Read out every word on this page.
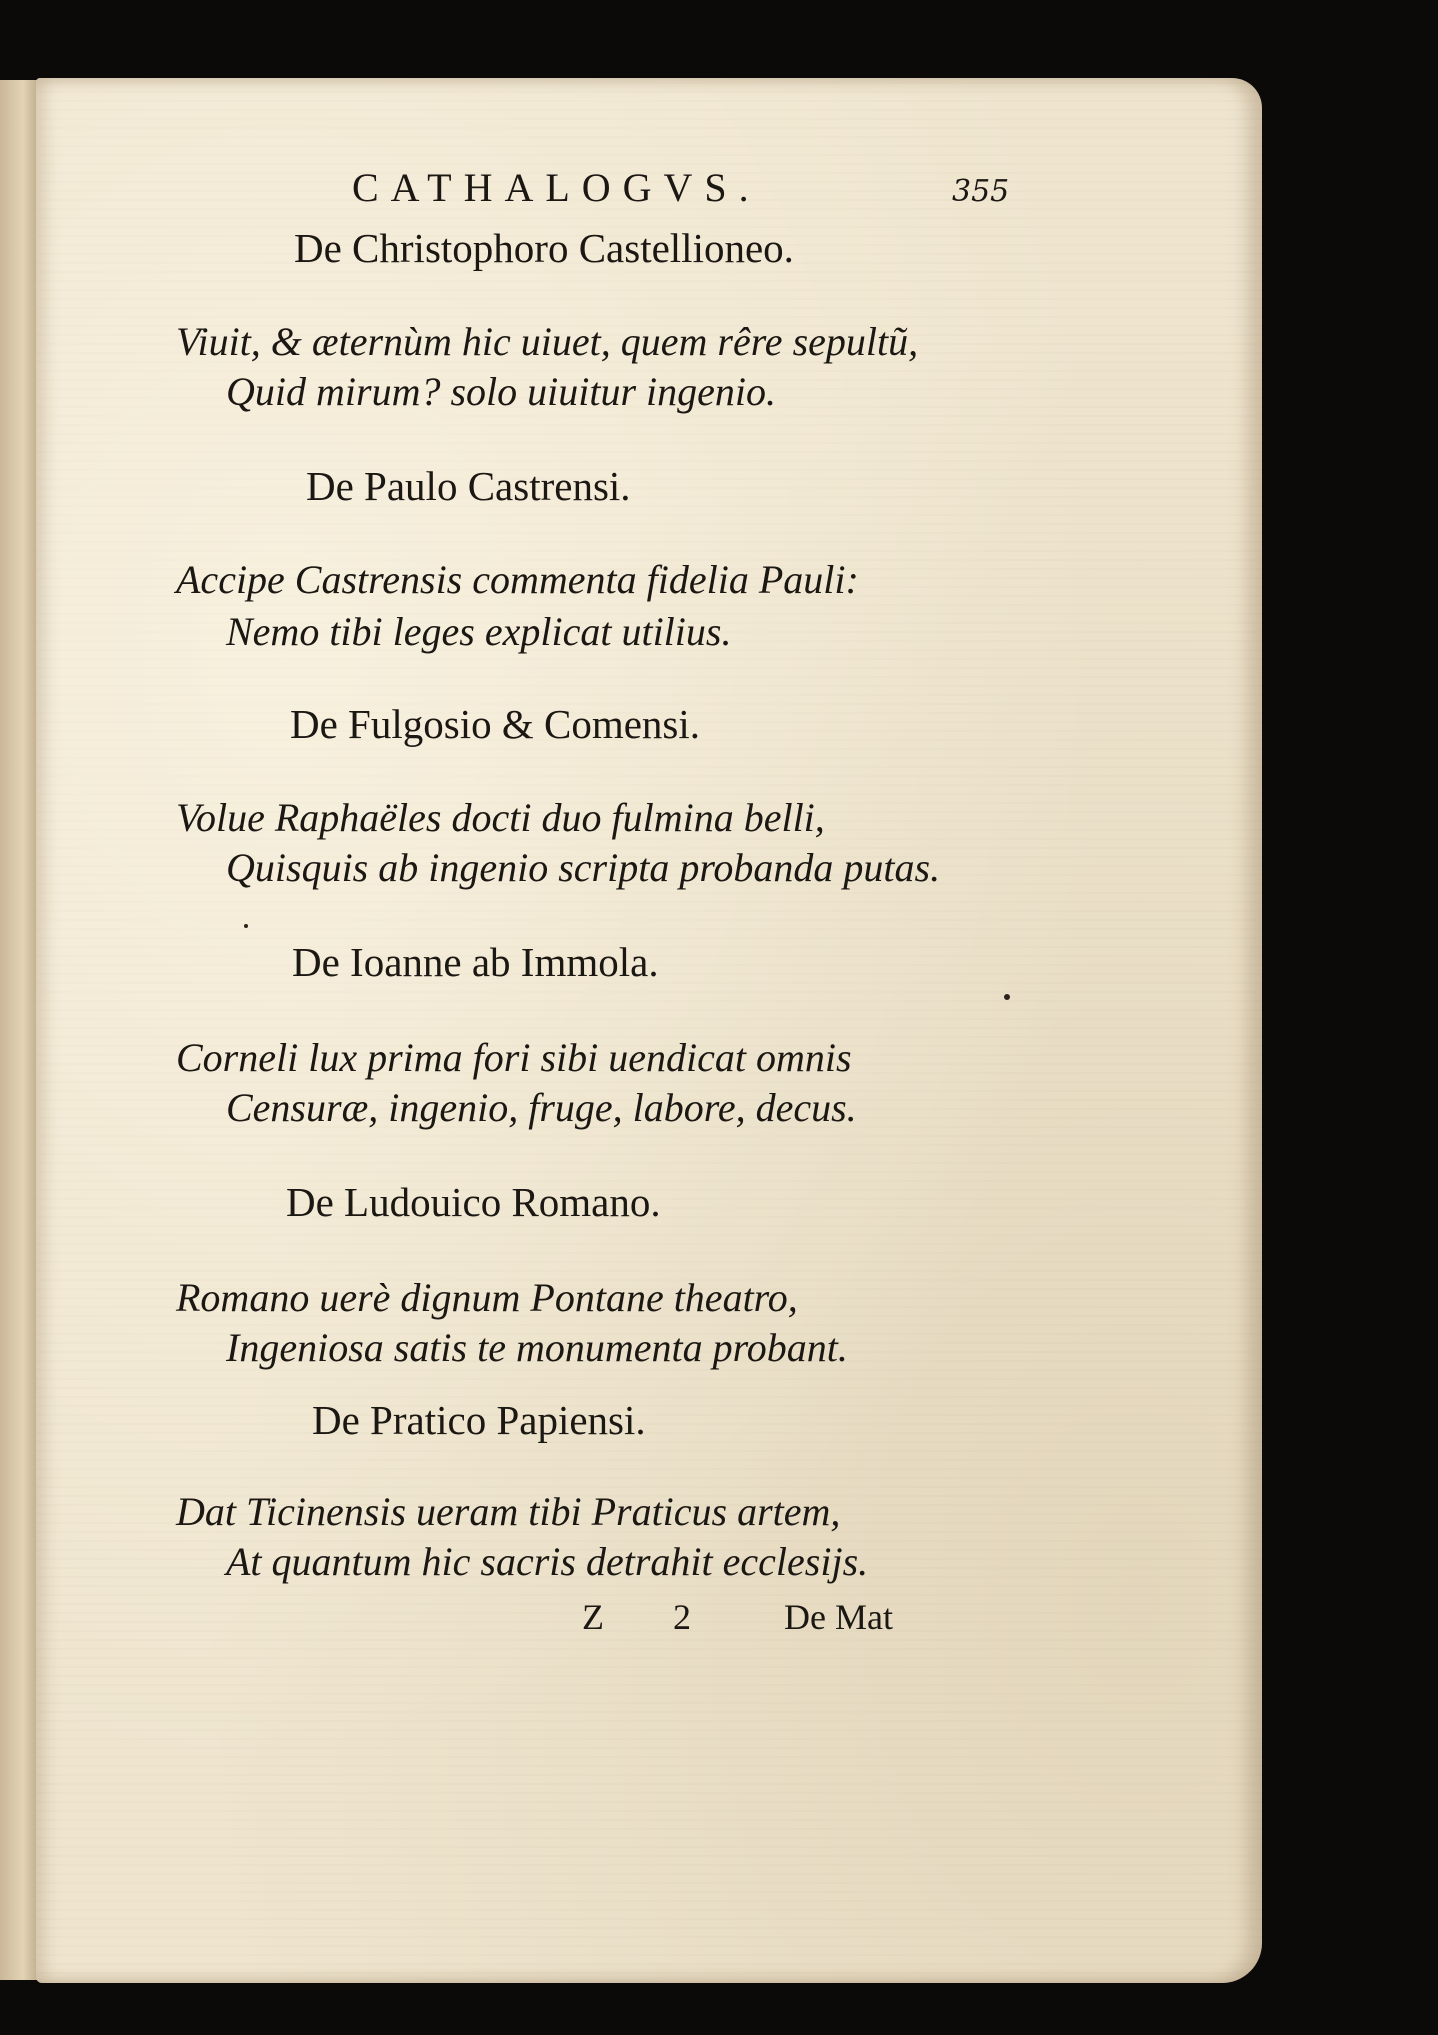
CATHALOGVS.	355

De Christophoro Castellioneo.

Viuit, & æternùm hic uiuet, quem rêre sepultũ,

Quid mirum? solo uiuitur ingenio.

De Paulo Castrensi.

Accipe Castrensis commenta fidelia Pauli:

Nemo tibi leges explicat utilius.

De Fulgosio & Comensi.

Volue Raphaëles docti duo fulmina belli,

Quisquis ab ingenio scripta probanda putas.

De Ioanne ab Immola.

Corneli lux prima fori sibi uendicat omnis

Censuræ, ingenio, fruge, labore, decus.

De Ludouico Romano.

Romano uerè dignum Pontane theatro,

Ingeniosa satis te monumenta probant.

De Pratico Papiensi.

Dat Ticinensis ueram tibi Praticus artem,

At quantum hic sacris detrahit ecclesijs.

Z 2 De Mat
